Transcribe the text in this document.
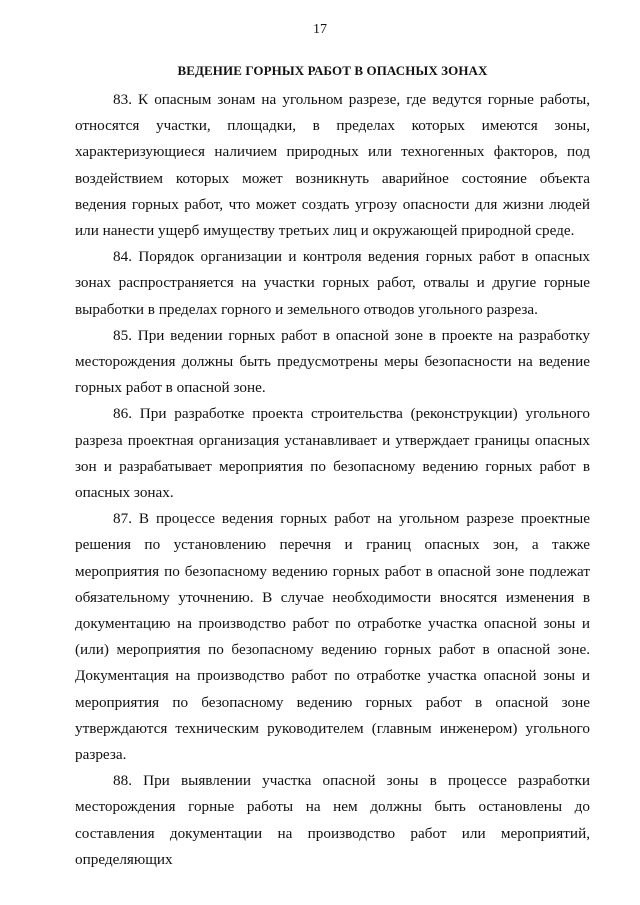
17
ВЕДЕНИЕ ГОРНЫХ РАБОТ В ОПАСНЫХ ЗОНАХ

83. К опасным зонам на угольном разрезе, где ведутся горные работы, относятся участки, площадки, в пределах которых имеются зоны, характеризующиеся наличием природных или техногенных факторов, под воздействием которых может возникнуть аварийное состояние объекта ведения горных работ, что может создать угрозу опасности для жизни людей или нанести ущерб имуществу третьих лиц и окружающей природной среде.

84. Порядок организации и контроля ведения горных работ в опасных зонах распространяется на участки горных работ, отвалы и другие горные выработки в пределах горного и земельного отводов угольного разреза.

85. При ведении горных работ в опасной зоне в проекте на разработку месторождения должны быть предусмотрены меры безопасности на ведение горных работ в опасной зоне.

86. При разработке проекта строительства (реконструкции) угольного разреза проектная организация устанавливает и утверждает границы опасных зон и разрабатывает мероприятия по безопасному ведению горных работ в опасных зонах.

87. В процессе ведения горных работ на угольном разрезе проектные решения по установлению перечня и границ опасных зон, а также мероприятия по безопасному ведению горных работ в опасной зоне подлежат обязательному уточнению. В случае необходимости вносятся изменения в документацию на производство работ по отработке участка опасной зоны и (или) мероприятия по безопасному ведению горных работ в опасной зоне. Документация на производство работ по отработке участка опасной зоны и мероприятия по безопасному ведению горных работ в опасной зоне утверждаются техническим руководителем (главным инженером) угольного разреза.

88. При выявлении участка опасной зоны в процессе разработки месторождения горные работы на нем должны быть остановлены до составления документации на производство работ или мероприятий, определяющих
